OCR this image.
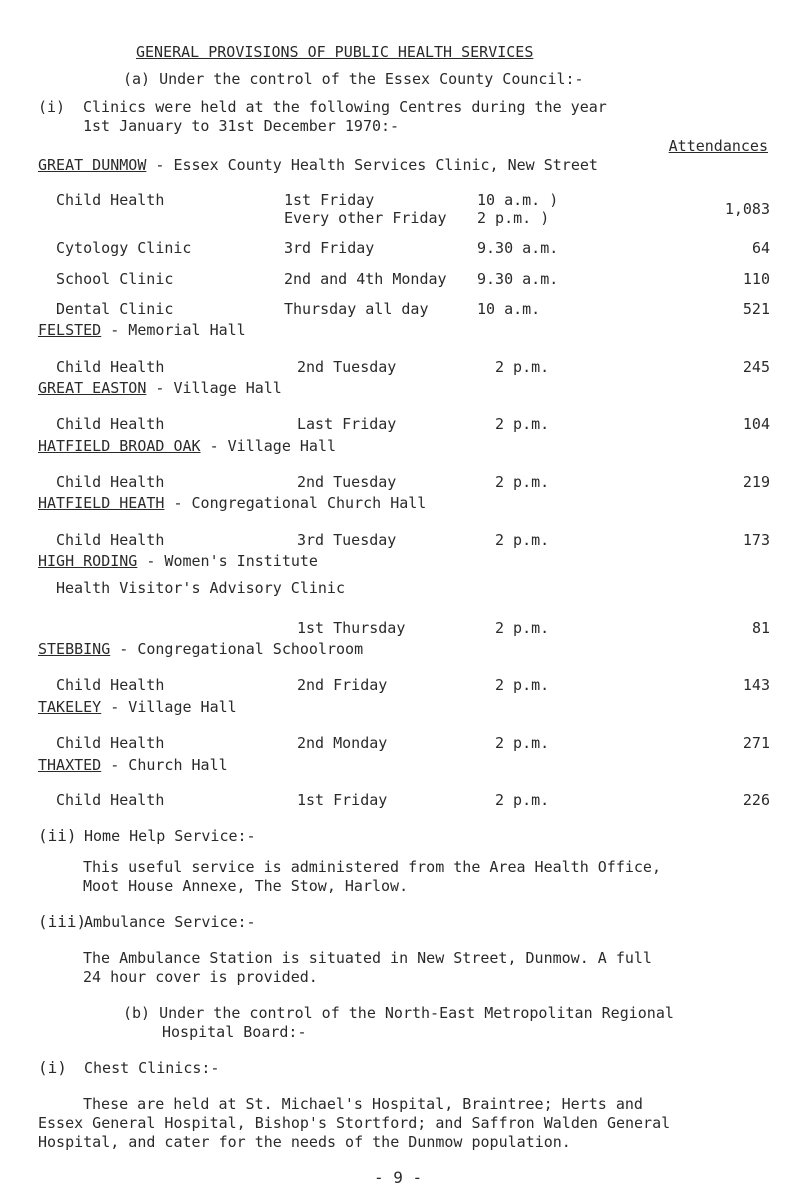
GENERAL PROVISIONS OF PUBLIC HEALTH SERVICES
(a) Under the control of the Essex County Council:-
(i) Clinics were held at the following Centres during the year
1st January to 31st December 1970:-
Attendances
GREAT DUNMOW - Essex County Health Services Clinic, New Street
Child Health	1st Friday	10 a.m. )
Every other Friday 2 p.m. )	1,083
Cytology Clinic	3rd Friday	9.30 a.m.	64
School Clinic	2nd and 4th Monday 9.30 a.m.	110
Dental Clinic	Thursday all day	10 a.m.	521
FELSTED - Memorial Hall
Child Health	2nd Tuesday	2 p.m.	245
GREAT EASTON - Village Hall
Child Health	Last Friday	2 p.m.	104
HATFIELD BROAD OAK - Village Hall
Child Health	2nd Tuesday	2 p.m.	219
HATFIELD HEATH - Congregational Church Hall
Child Health	3rd Tuesday	2 p.m.	173
HIGH RODING - Women's Institute
Health Visitor's Advisory Clinic
1st Thursday	2 p.m.	81
STEBBING - Congregational Schoolroom
Child Health	2nd Friday	2 p.m.	143
TAKELEY - Village Hall
Child Health	2nd Monday	2 p.m.	271
THAXTED - Church Hall
Child Health	1st Friday	2 p.m.	226
(ii) Home Help Service:-
This useful service is administered from the Area Health Office,
Moot House Annexe, The Stow, Harlow.
(iii)
Ambulance Service:-
The Ambulance Station is situated in New Street, Dunmow. A full
24 hour cover is provided.
(b) Under the control of the North-East Metropolitan Regional
Hospital Board:-
(i) Chest Clinics:-
These are held at St. Michael's Hospital, Braintree; Herts and
Essex General Hospital, Bishop's Stortford; and Saffron Walden General
Hospital, and cater for the needs of the Dunmow population.
- 9 -
